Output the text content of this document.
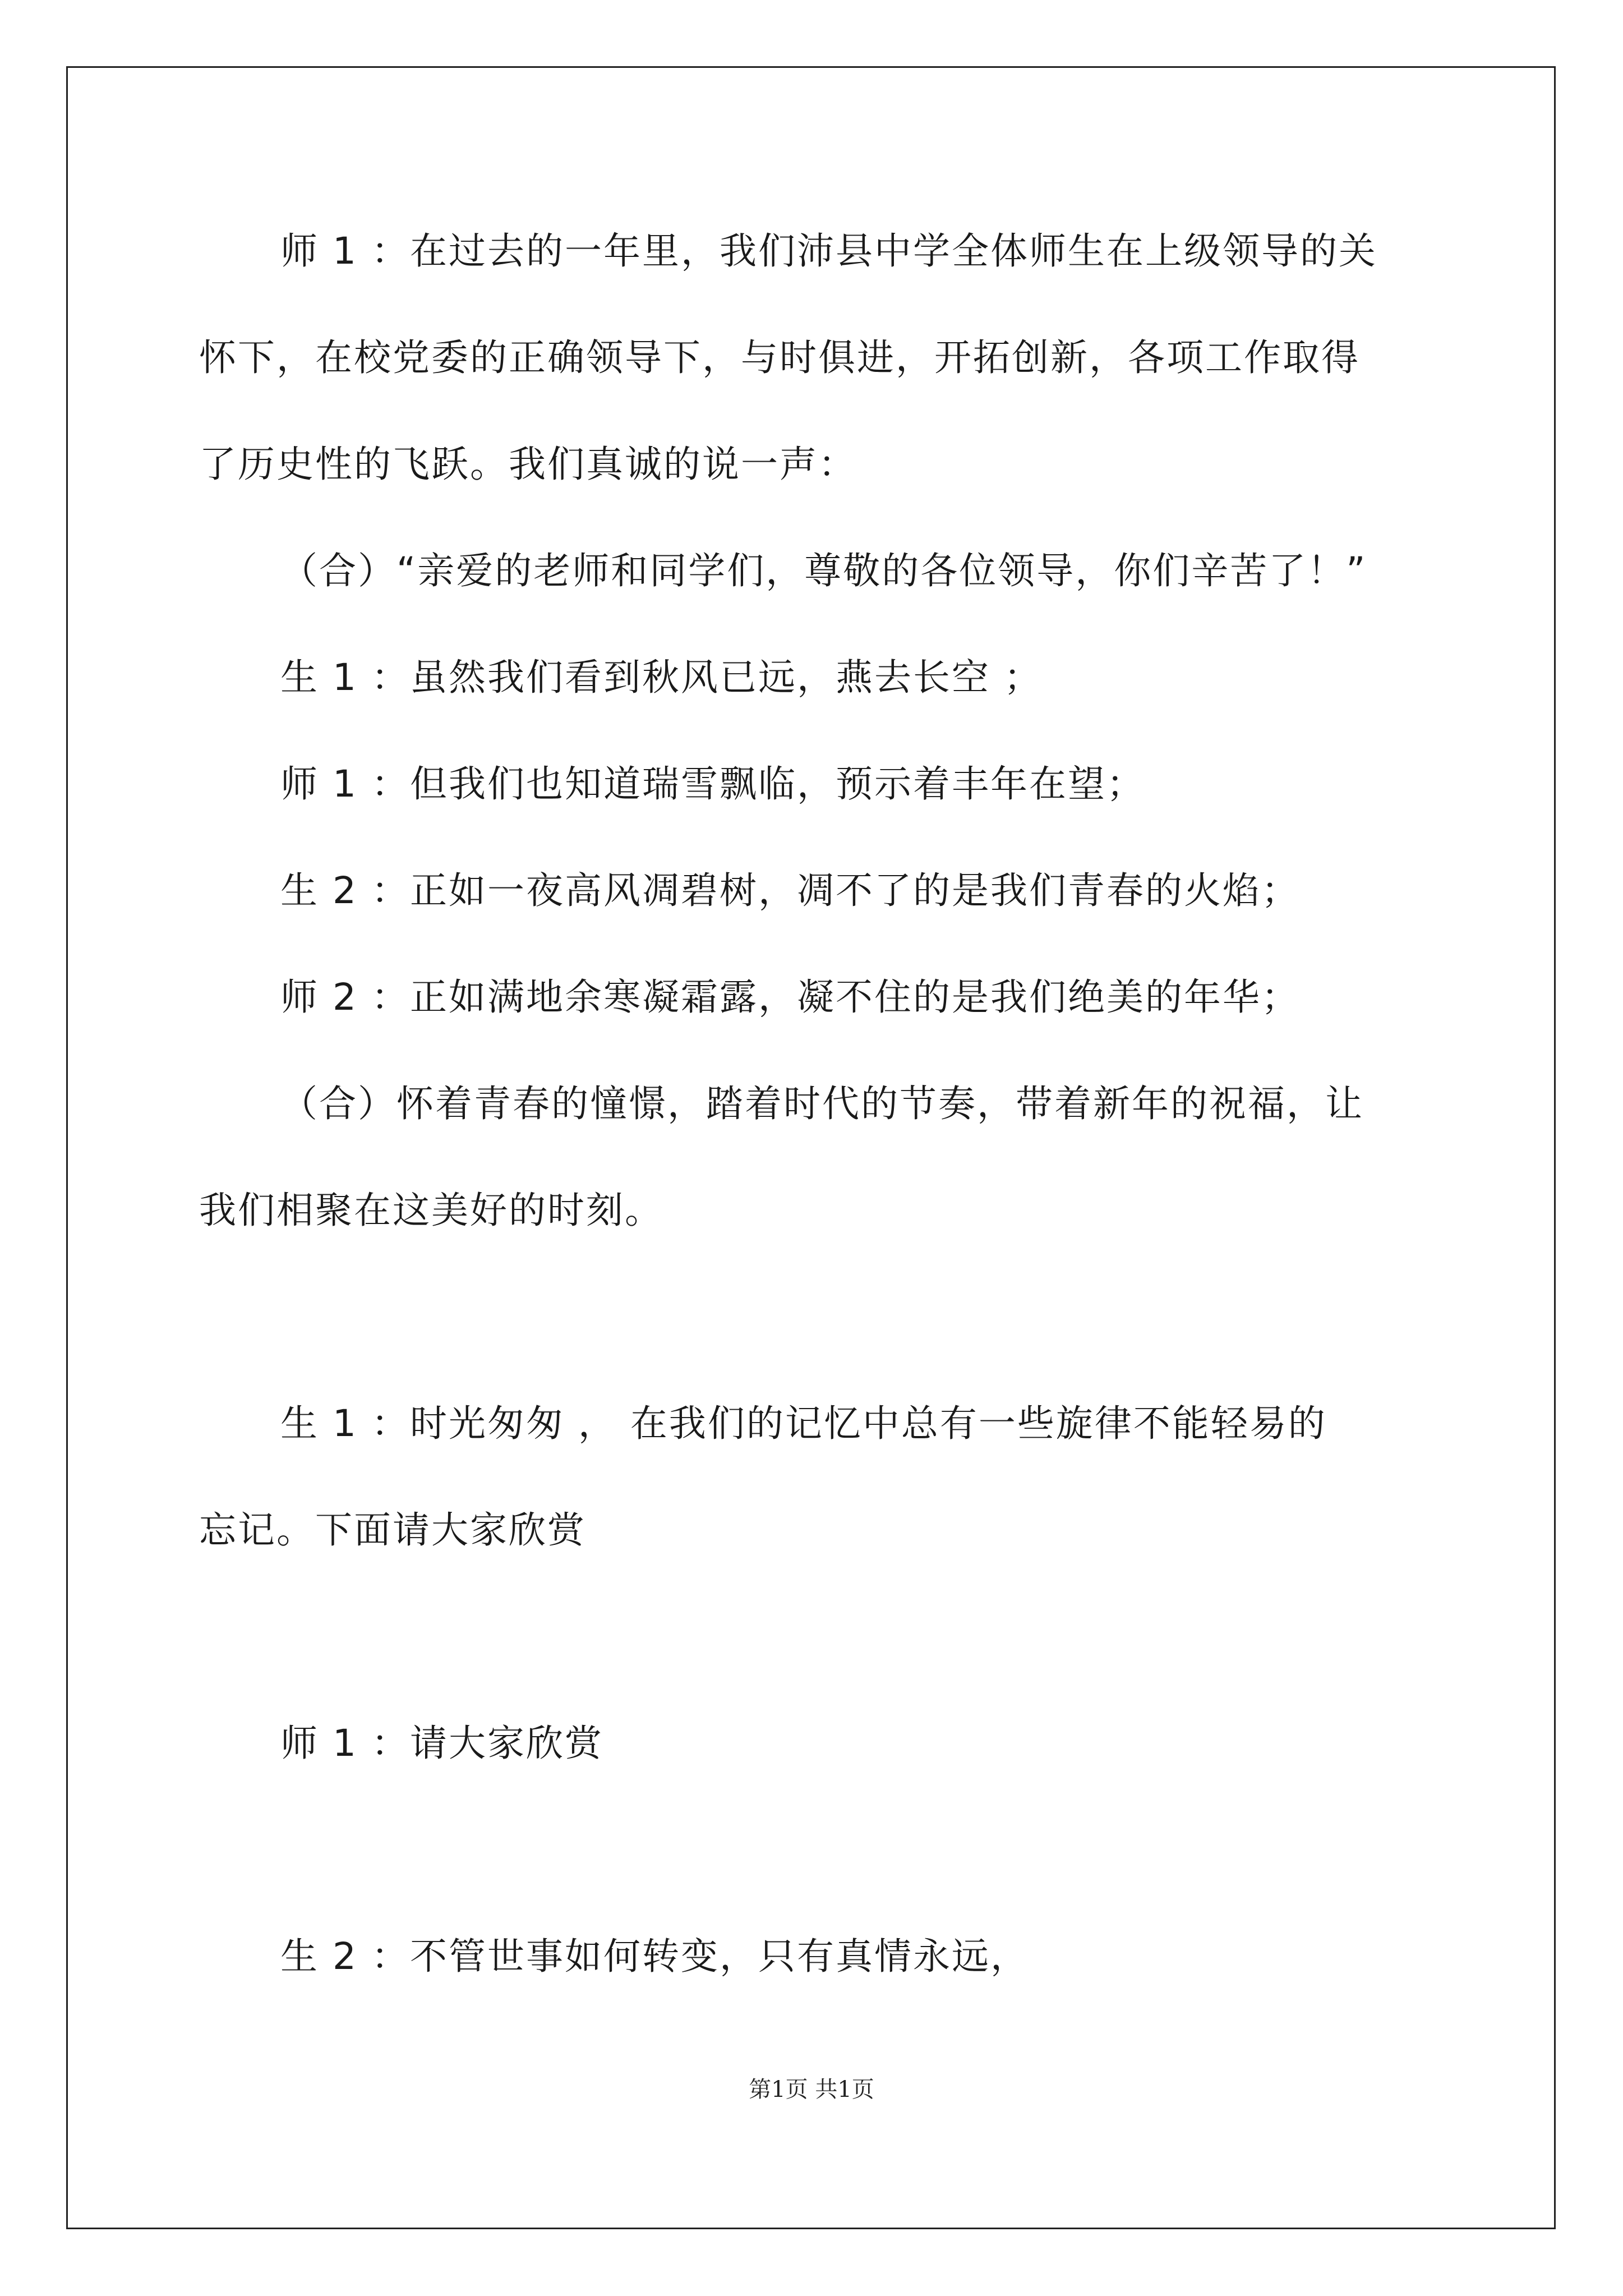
师 1 ：在过去的一年里，我们沛县中学全体师生在上级领导的关
怀下，在校党委的正确领导下，与时俱进，开拓创新，各项工作取得
了历史性的飞跃。我们真诚的说一声：
（合）“亲爱的老师和同学们，尊敬的各位领导，你们辛苦了！”
生 1 ：虽然我们看到秋风已远，燕去长空 ；
师 1 ：但我们也知道瑞雪飘临，预示着丰年在望；
生 2 ：正如一夜高风凋碧树，凋不了的是我们青春的火焰；
师 2 ：正如满地余寒凝霜露，凝不住的是我们绝美的年华；
（合）怀着青春的憧憬，踏着时代的节奏，带着新年的祝福，让
我们相聚在这美好的时刻。
生 1 ：时光匆匆 ， 在我们的记忆中总有一些旋律不能轻易的
忘记。下面请大家欣赏
师 1 ：请大家欣赏
生 2 ：不管世事如何转变，只有真情永远，
第1页 共1页
